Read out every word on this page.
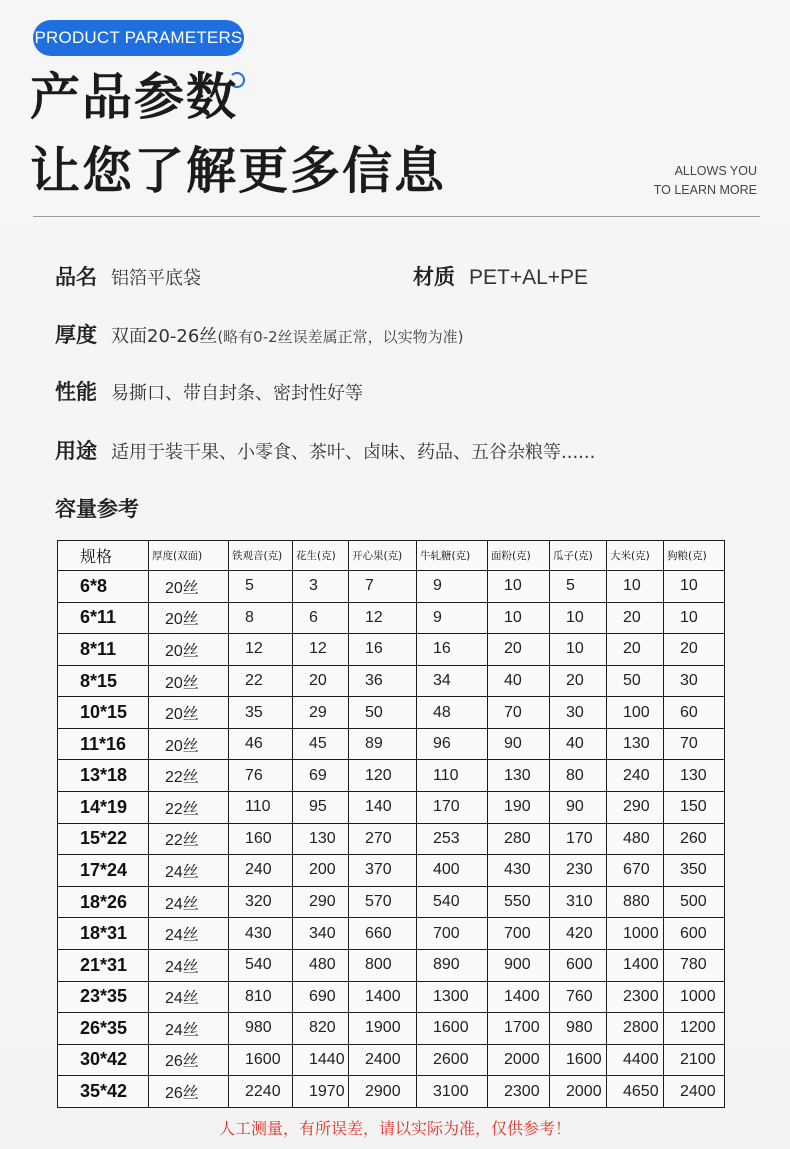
PRODUCT PARAMETERS
产品参数
让您了解更多信息	ALLOWS YOU
TO LEARN MORE
品名 铝箔平底袋	材质 PET+AL+PE
厚度 双面20-26丝 (略有0-2丝误差属正常，以实物为准)
性能 易撕口、带自封条、密封性好等
用途 适用于装干果、小零食、茶叶、卤味、药品、五谷杂粮等......
容量参考
规格	厚度(双面)	铁观音(克)	花生(克)	开心果(克)	牛轧糖(克)	面粉(克)	瓜子(克)	大米(克)	狗粮(克)
6*8	20丝	5	3	7	9	10	5	10	10
6*11	20丝	8	6	12	9	10	10	20	10
8*11	20丝	12	12	16	16	20	10	20	20
8*15	20丝	22	20	36	34	40	20	50	30
10*15	20丝	35	29	50	48	70	30	100	60
11*16	20丝	46	45	89	96	90	40	130	70
13*18	22丝	76	69	120	110	130	80	240	130
14*19	22丝	110	95	140	170	190	90	290	150
15*22	22丝	160	130	270	253	280	170	480	260
17*24	24丝	240	200	370	400	430	230	670	350
18*26	24丝	320	290	570	540	550	310	880	500
18*31	24丝	430	340	660	700	700	420	1000	600
21*31	24丝	540	480	800	890	900	600	1400	780
23*35	24丝	810	690	1400	1300	1400	760	2300	1000
26*35	24丝	980	820	1900	1600	1700	980	2800	1200
30*42	26丝	1600	1440	2400	2600	2000	1600	4400	2100
35*42	26丝	2240	1970	2900	3100	2300	2000	4650	2400
人工测量，有所误差，请以实际为准，仅供参考！
